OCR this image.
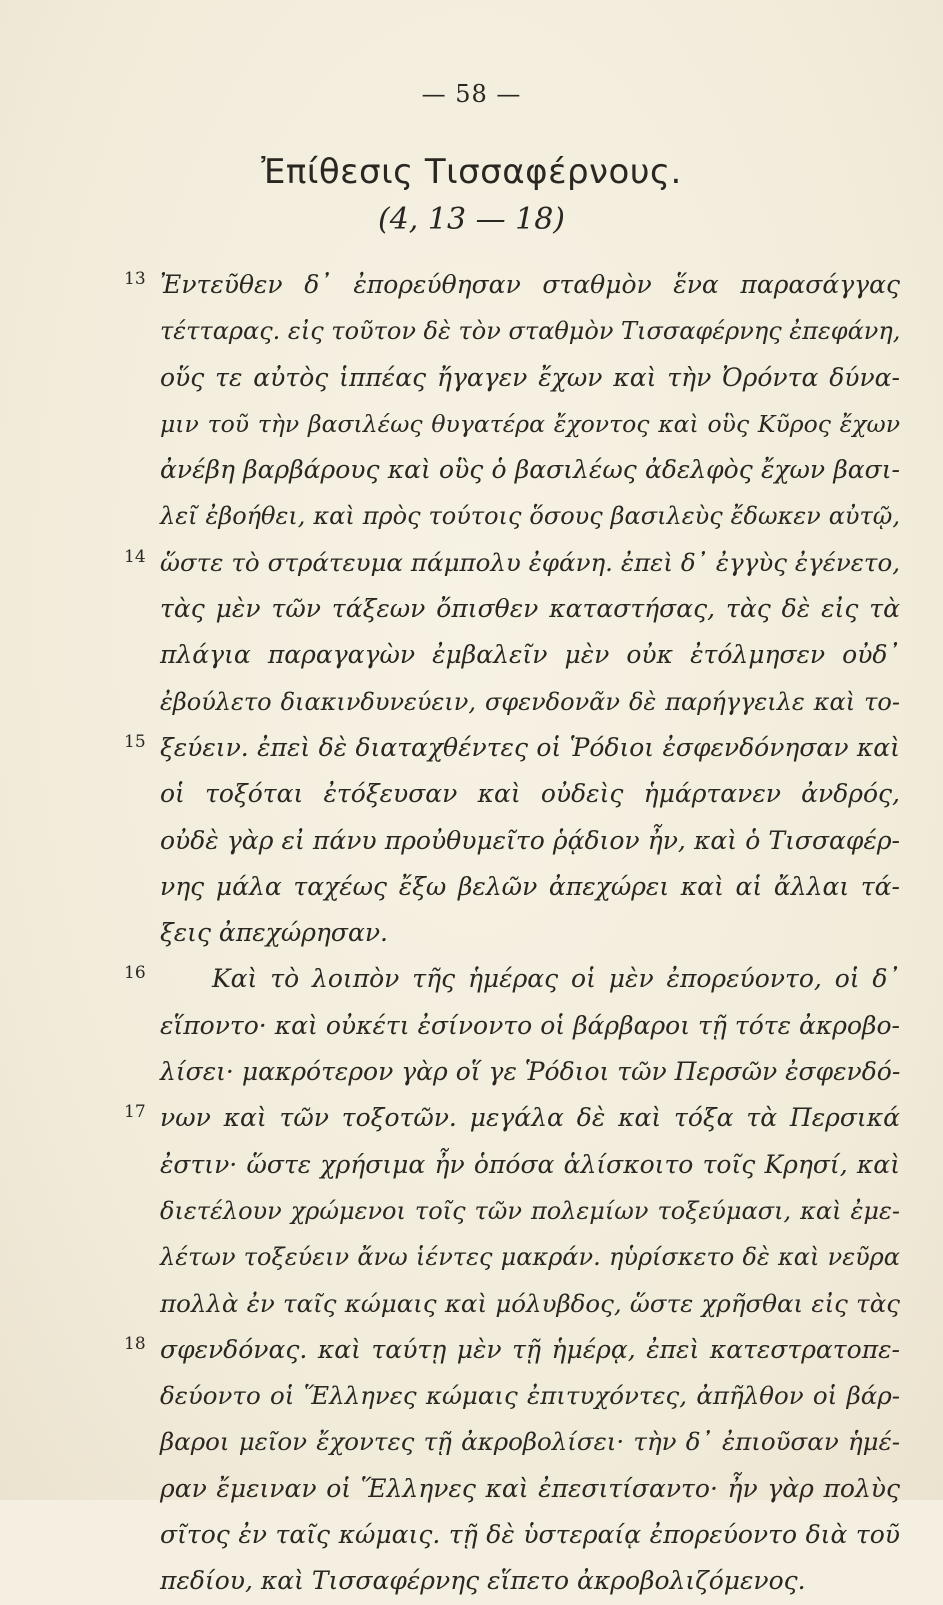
— 58 —
Ἐπίθεσις Τισσαφέρνους.
(4, 13 — 18)
13 Ἐντεῦθεν δ᾿ ἐπορεύθησαν σταθμὸν ἕνα παρασάγγας
τέτταρας. εἰς τοῦτον δὲ τὸν σταθμὸν Τισσαφέρνης ἐπεφάνη,
οὕς τε αὐτὸς ἱππέας ἤγαγεν ἔχων καὶ τὴν Ὀρόντα δύνα-
μιν τοῦ τὴν βασιλέως θυγατέρα ἔχοντος καὶ οὓς Κῦρος ἔχων
ἀνέβη βαρβάρους καὶ οὓς ὁ βασιλέως ἀδελφὸς ἔχων βασι-
λεῖ ἐβοήθει, καὶ πρὸς τούτοις ὅσους βασιλεὺς ἔδωκεν αὐτῷ,
14 ὥστε τὸ στράτευμα πάμπολυ ἐφάνη. ἐπεὶ δ᾿ ἐγγὺς ἐγένετο,
τὰς μὲν τῶν τάξεων ὄπισθεν καταστήσας, τὰς δὲ εἰς τὰ
πλάγια παραγαγὼν ἐμβαλεῖν μὲν οὐκ ἐτόλμησεν οὐδ᾿
ἐβούλετο διακινδυνεύειν, σφενδονᾶν δὲ παρήγγειλε καὶ το-
15 ξεύειν. ἐπεὶ δὲ διαταχθέντες οἱ Ῥόδιοι ἐσφενδόνησαν καὶ
οἱ τοξόται ἐτόξευσαν καὶ οὐδεὶς ἡμάρτανεν ἀνδρός,
οὐδὲ γὰρ εἰ πάνυ προὐθυμεῖτο ῥᾴδιον ἦν, καὶ ὁ Τισσαφέρ-
νης μάλα ταχέως ἔξω βελῶν ἀπεχώρει καὶ αἱ ἄλλαι τά-
ξεις ἀπεχώρησαν.
16	Καὶ τὸ λοιπὸν τῆς ἡμέρας οἱ μὲν ἐπορεύοντο, οἱ δ᾿
εἵποντο· καὶ οὐκέτι ἐσίνοντο οἱ βάρβαροι τῇ τότε ἀκροβο-
λίσει· μακρότερον γὰρ οἵ γε Ῥόδιοι τῶν Περσῶν ἐσφενδό-
17 νων καὶ τῶν τοξοτῶν. μεγάλα δὲ καὶ τόξα τὰ Περσικά
ἐστιν· ὥστε χρήσιμα ἦν ὁπόσα ἁλίσκοιτο τοῖς Κρησί, καὶ
διετέλουν χρώμενοι τοῖς τῶν πολεμίων τοξεύμασι, καὶ ἐμε-
λέτων τοξεύειν ἄνω ἱέντες μακράν. ηὑρίσκετο δὲ καὶ νεῦρα
πολλὰ ἐν ταῖς κώμαις καὶ μόλυβδος, ὥστε χρῆσθαι εἰς τὰς
18 σφενδόνας. καὶ ταύτῃ μὲν τῇ ἡμέρᾳ, ἐπεὶ κατεστρατοπε-
δεύοντο οἱ Ἕλληνες κώμαις ἐπιτυχόντες, ἀπῆλθον οἱ βάρ-
βαροι μεῖον ἔχοντες τῇ ἀκροβολίσει· τὴν δ᾿ ἐπιοῦσαν ἡμέ-
ραν ἔμειναν οἱ Ἕλληνες καὶ ἐπεσιτίσαντο· ἦν γὰρ πολὺς
σῖτος ἐν ταῖς κώμαις. τῇ δὲ ὑστεραίᾳ ἐπορεύοντο διὰ τοῦ
πεδίου, καὶ Τισσαφέρνης εἵπετο ἀκροβολιζόμενος.
